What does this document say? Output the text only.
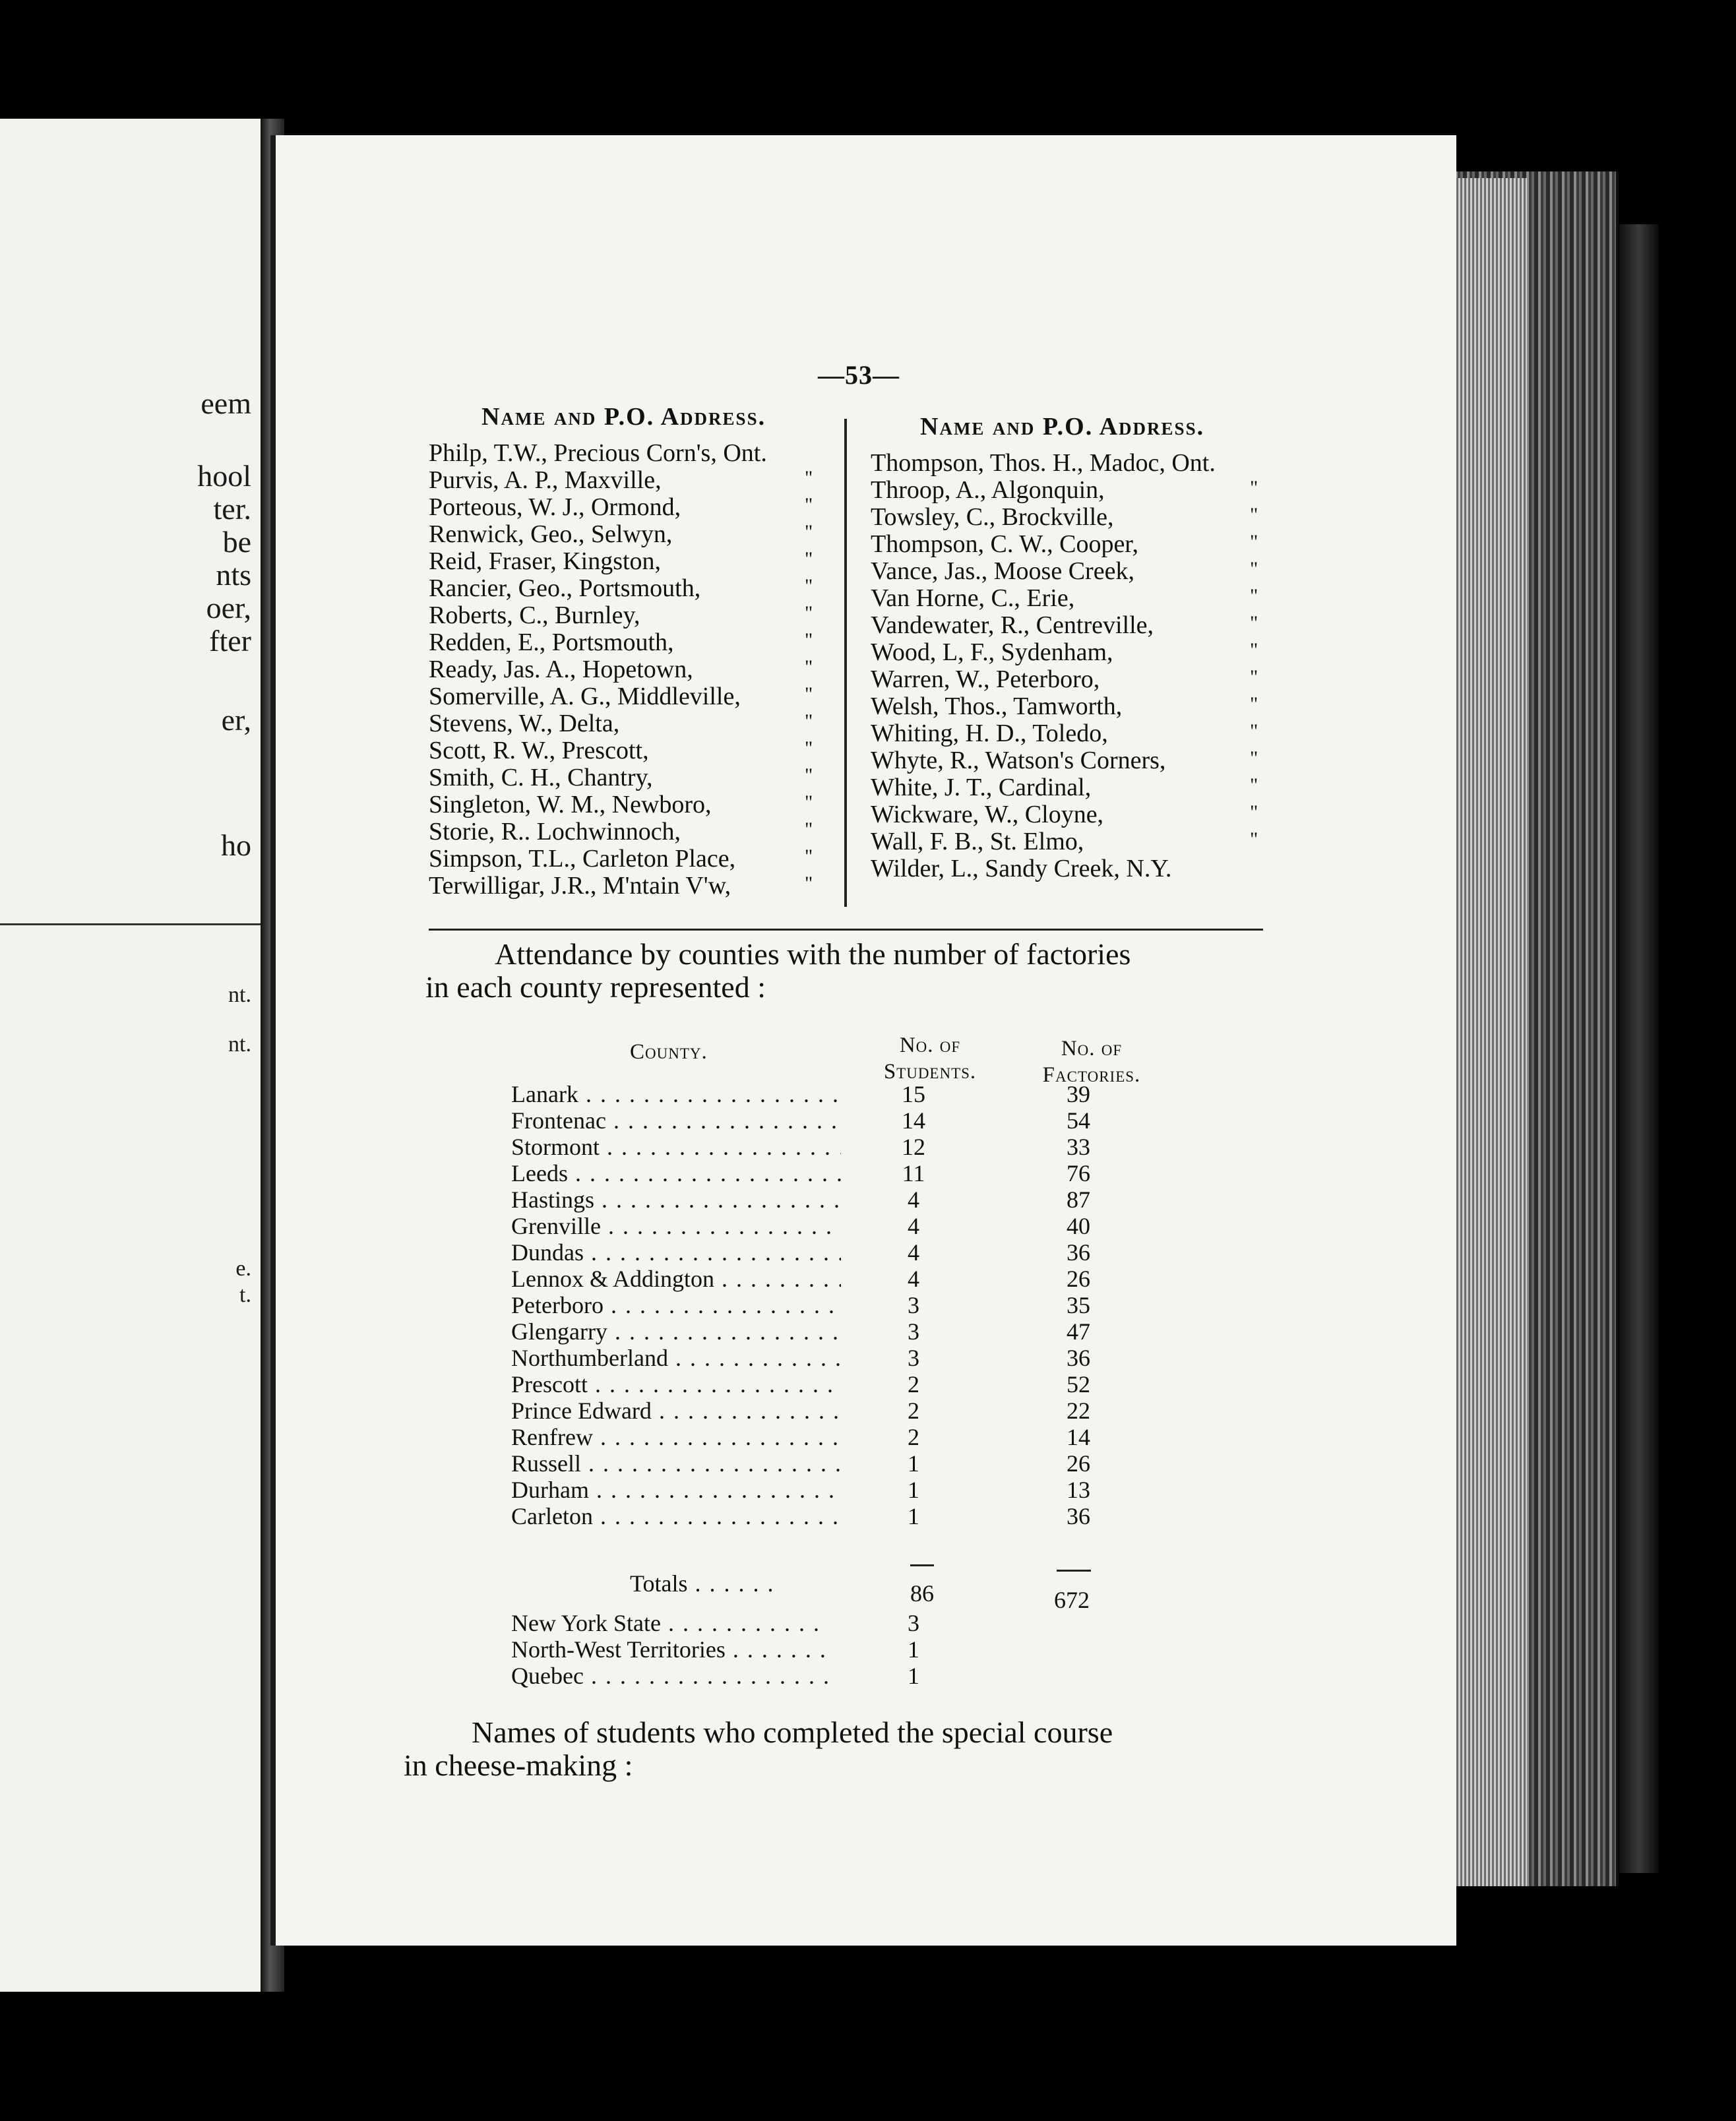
eem
hool
ter.
be
nts
oer,
fter
er,
ho
nt.
nt.
e.
t.
—53—
Name and P.O. Address.	Name and P.O. Address.
Philp, T.W., Precious Corn's, Ont.
Purvis, A. P., Maxville,	"
Porteous, W. J., Ormond,	"
Renwick, Geo., Selwyn,	"
Reid, Fraser, Kingston,	"
Rancier, Geo., Portsmouth,	"
Roberts, C., Burnley,	"
Redden, E., Portsmouth,	"
Ready, Jas. A., Hopetown,	"
Somerville, A. G., Middleville,	"
Stevens, W., Delta,	"
Scott, R. W., Prescott,	"
Smith, C. H., Chantry,	"
Singleton, W. M., Newboro,	"
Storie, R.. Lochwinnoch,	"
Simpson, T.L., Carleton Place,	"
Terwilligar, J.R., M'ntain V'w,	"
Thompson, Thos. H., Madoc, Ont.
Throop, A., Algonquin,	"
Towsley, C., Brockville,	"
Thompson, C. W., Cooper,	"
Vance, Jas., Moose Creek,	"
Van Horne, C., Erie,	"
Vandewater, R., Centreville,	"
Wood, L, F., Sydenham,	"
Warren, W., Peterboro,	"
Welsh, Thos., Tamworth,	"
Whiting, H. D., Toledo,	"
Whyte, R., Watson's Corners,	"
White, J. T., Cardinal,	"
Wickware, W., Cloyne,	"
Wall, F. B., St. Elmo,	"
Wilder, L., Sandy Creek, N.Y.
Attendance by counties with the number of factories
in each county represented :
County.	No. of
Students.
No. of
Factories.
Lanark . . .	15	39
Frontenac . . .	14	54
Stormont . . .	12	33
Leeds . . .	11	76
Hastings . . .	4	87
Grenville . . .	4	40
Dundas . . .	4	36
Lennox & Addington . . .	4	26
Peterboro . . .	3	35
Glengarry . . .	3	47
Northumberland . . .	3	36
Prescott . . .	2	52
Prince Edward . . .	2	22
Renfrew . . .	2	14
Russell . . .	1	26
Durham . . .	1	13
Carleton . . .	1	36
Totals . . .	86	672
New York State . . .	3
North-West Territories . . .	1
Quebec . . .	1
Names of students who completed the special course
in cheese-making :
